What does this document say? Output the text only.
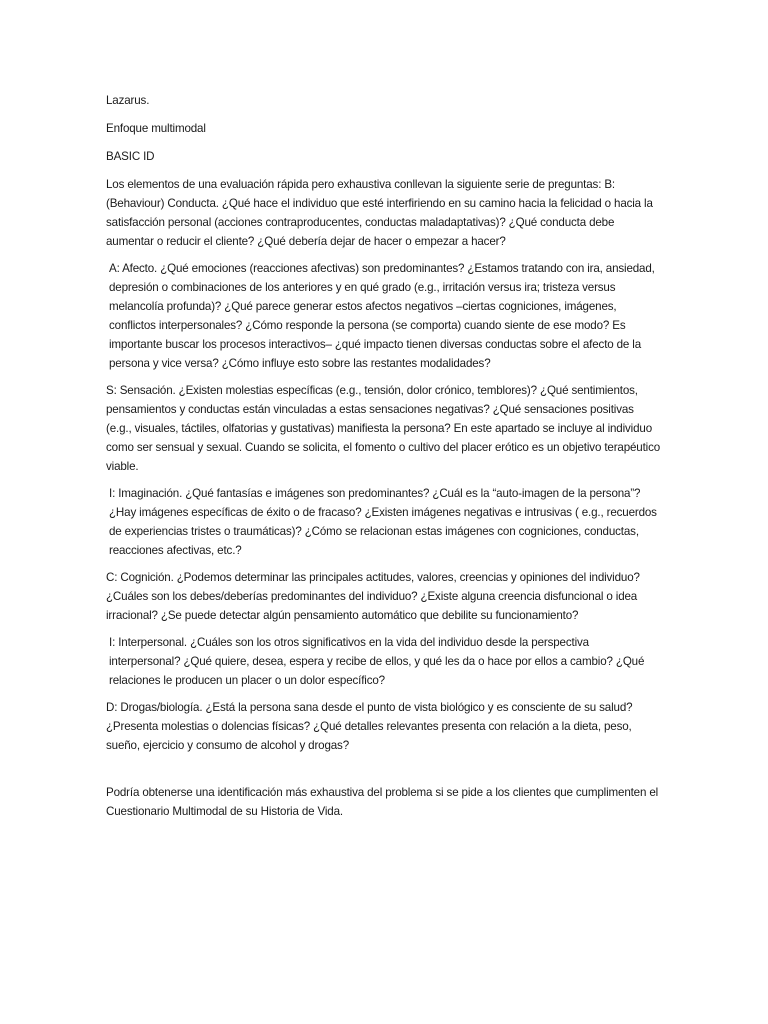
Lazarus.

Enfoque multimodal

BASIC ID

Los elementos de una evaluación rápida pero exhaustiva conllevan la siguiente serie de preguntas: B: (Behaviour) Conducta. ¿Qué hace el individuo que esté interfiriendo en su camino hacia la felicidad o hacia la satisfacción personal (acciones contraproducentes, conductas maladaptativas)? ¿Qué conducta debe aumentar o reducir el cliente? ¿Qué debería dejar de hacer o empezar a hacer?

A: Afecto. ¿Qué emociones (reacciones afectivas) son predominantes? ¿Estamos tratando con ira, ansiedad, depresión o combinaciones de los anteriores y en qué grado (e.g., irritación versus ira; tristeza versus melancolía profunda)? ¿Qué parece generar estos afectos negativos –ciertas cogniciones, imágenes, conflictos interpersonales? ¿Cómo responde la persona (se comporta) cuando siente de ese modo? Es importante buscar los procesos interactivos– ¿qué impacto tienen diversas conductas sobre el afecto de la persona y vice versa? ¿Cómo influye esto sobre las restantes modalidades?

S: Sensación. ¿Existen molestias específicas (e.g., tensión, dolor crónico, temblores)? ¿Qué sentimientos, pensamientos y conductas están vinculadas a estas sensaciones negativas? ¿Qué sensaciones positivas (e.g., visuales, táctiles, olfatorias y gustativas) manifiesta la persona? En este apartado se incluye al individuo como ser sensual y sexual. Cuando se solicita, el fomento o cultivo del placer erótico es un objetivo terapéutico viable.

I: Imaginación. ¿Qué fantasías e imágenes son predominantes? ¿Cuál es la “auto-imagen de la persona”? ¿Hay imágenes específicas de éxito o de fracaso? ¿Existen imágenes negativas e intrusivas ( e.g., recuerdos de experiencias tristes o traumáticas)? ¿Cómo se relacionan estas imágenes con cogniciones, conductas, reacciones afectivas, etc.?

C: Cognición. ¿Podemos determinar las principales actitudes, valores, creencias y opiniones del individuo? ¿Cuáles son los debes/deberías predominantes del individuo? ¿Existe alguna creencia disfuncional o idea irracional? ¿Se puede detectar algún pensamiento automático que debilite su funcionamiento?

I: Interpersonal. ¿Cuáles son los otros significativos en la vida del individuo desde la perspectiva interpersonal? ¿Qué quiere, desea, espera y recibe de ellos, y qué les da o hace por ellos a cambio? ¿Qué relaciones le producen un placer o un dolor específico?

D: Drogas/biología. ¿Está la persona sana desde el punto de vista biológico y es consciente de su salud? ¿Presenta molestias o dolencias físicas? ¿Qué detalles relevantes presenta con relación a la dieta, peso, sueño, ejercicio y consumo de alcohol y drogas?

Podría obtenerse una identificación más exhaustiva del problema si se pide a los clientes que cumplimenten el Cuestionario Multimodal de su Historia de Vida.
